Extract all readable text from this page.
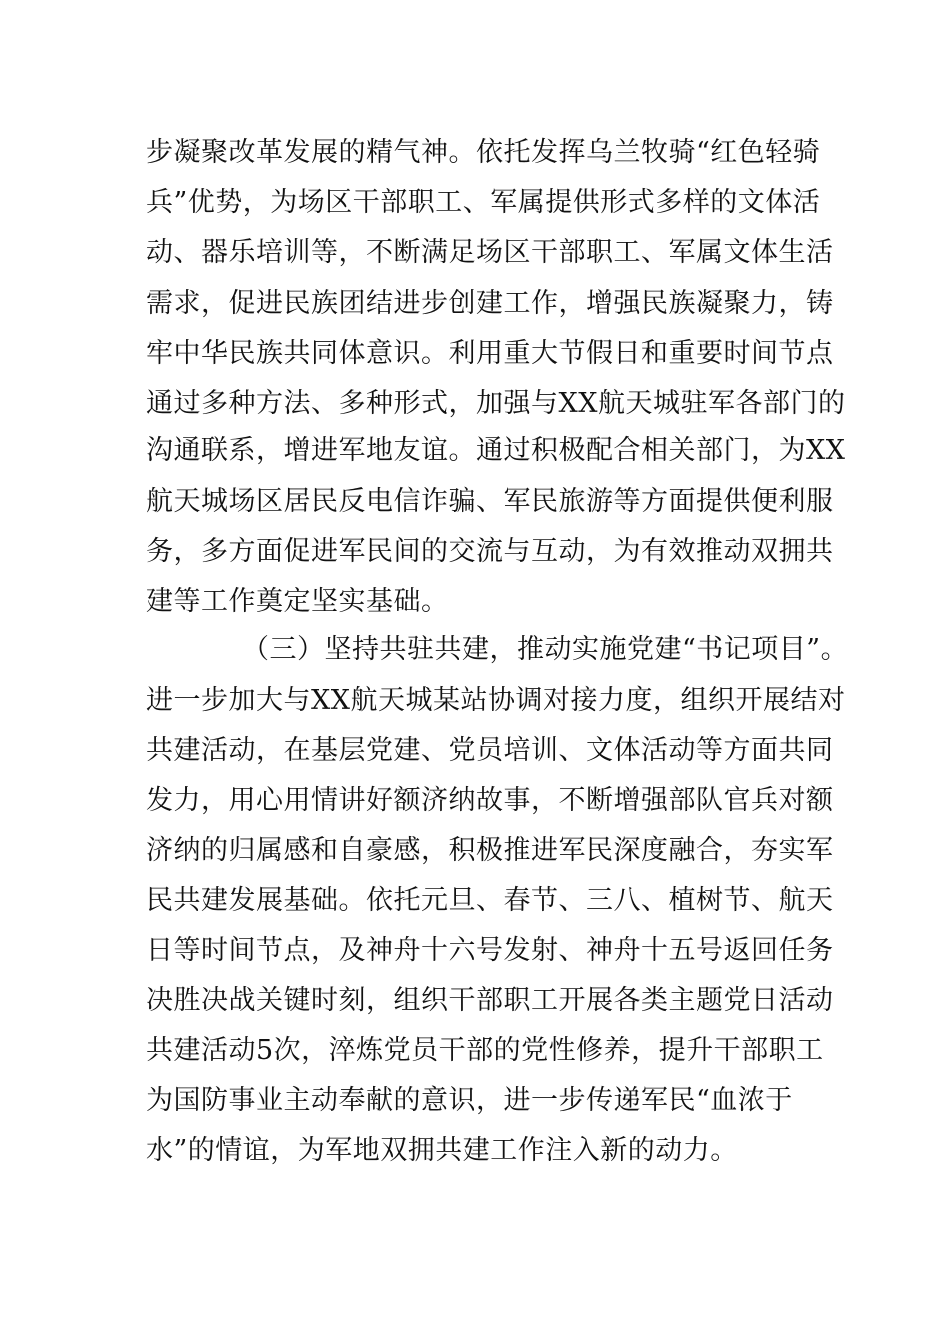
步凝聚改革发展的精气神。依托发挥乌兰牧骑“红色轻骑
兵”优势，为场区干部职工、军属提供形式多样的文体活
动、器乐培训等，不断满足场区干部职工、军属文体生活
需求，促进民族团结进步创建工作，增强民族凝聚力，铸
牢中华民族共同体意识。利用重大节假日和重要时间节点
通过多种方法、多种形式，加强与XX航天城驻军各部门的
沟通联系，增进军地友谊。通过积极配合相关部门，为XX
航天城场区居民反电信诈骗、军民旅游等方面提供便利服
务，多方面促进军民间的交流与互动，为有效推动双拥共
建等工作奠定坚实基础。
（三）坚持共驻共建，推动实施党建“书记项目”。
进一步加大与XX航天城某站协调对接力度，组织开展结对
共建活动，在基层党建、党员培训、文体活动等方面共同
发力，用心用情讲好额济纳故事，不断增强部队官兵对额
济纳的归属感和自豪感，积极推进军民深度融合，夯实军
民共建发展基础。依托元旦、春节、三八、植树节、航天
日等时间节点，及神舟十六号发射、神舟十五号返回任务
决胜决战关键时刻，组织干部职工开展各类主题党日活动
共建活动5次，淬炼党员干部的党性修养，提升干部职工
为国防事业主动奉献的意识，进一步传递军民“血浓于
水”的情谊，为军地双拥共建工作注入新的动力。
